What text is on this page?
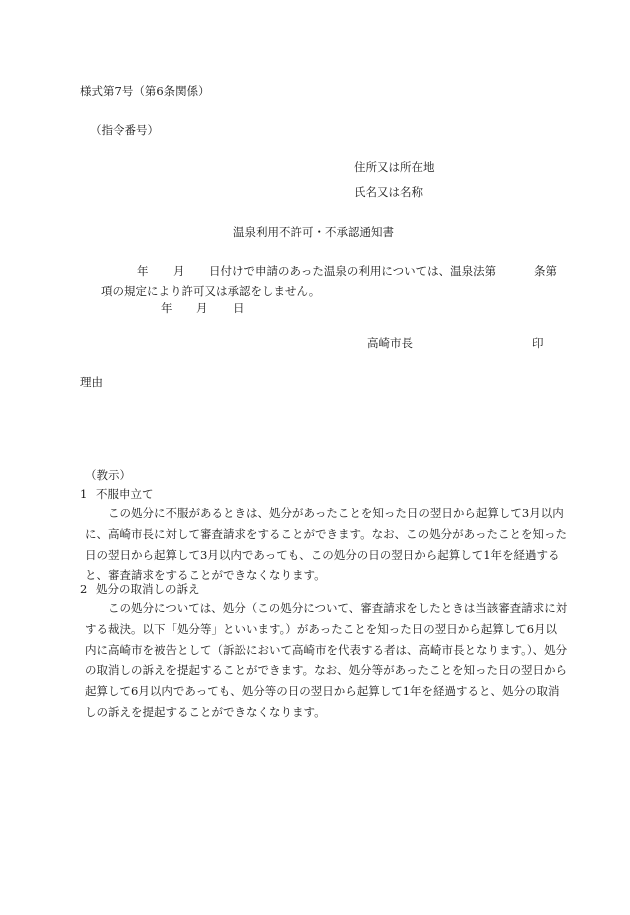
様式第7号（第6条関係）
（指令番号）
住所又は所在地
氏名又は名称
温泉利用不許可・不承認通知書
年 月 日付けで申請のあった温泉の利用については、温泉法第	条第
項の規定により許可又は承認をしません。
年 月 日
高崎市長	印
理由
（教示）
1 不服申立て
この処分に不服があるときは、処分があったことを知った日の翌日から起算して3月以内に、高崎市長に対して審査請求をすることができます。なお、この処分があったことを知った日の翌日から起算して3月以内であっても、この処分の日の翌日から起算して1年を経過すると、審査請求をすることができなくなります。
2 処分の取消しの訴え
この処分については、処分（この処分について、審査請求をしたときは当該審査請求に対する裁決。以下「処分等」といいます。）があったことを知った日の翌日から起算して6月以内に高崎市を被告として（訴訟において高崎市を代表する者は、高崎市長となります。）、処分の取消しの訴えを提起することができます。なお、処分等があったことを知った日の翌日から起算して6月以内であっても、処分等の日の翌日から起算して1年を経過すると、処分の取消しの訴えを提起することができなくなります。
